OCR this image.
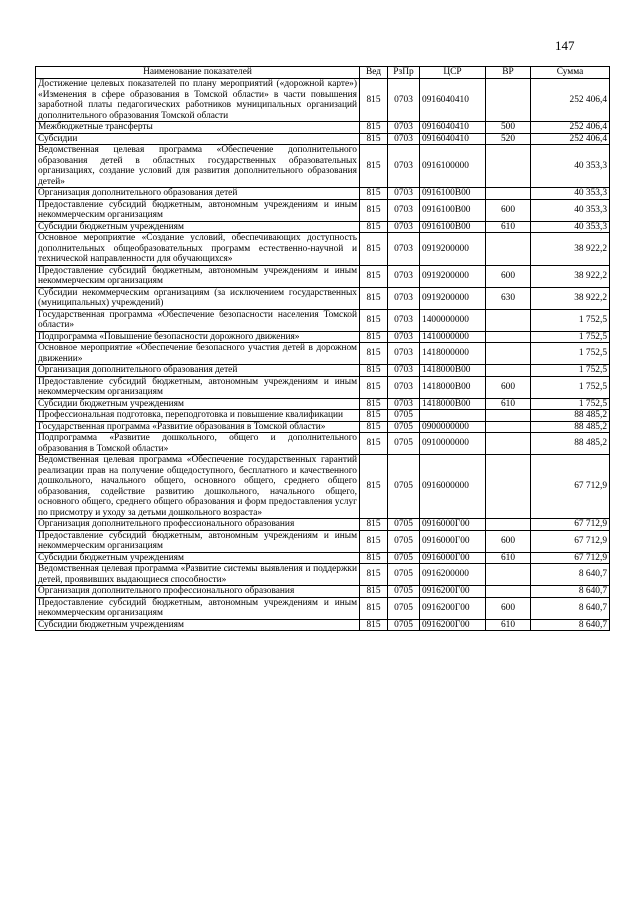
147
Наименование показателей	Вед	РзПр	ЦСР	ВР	Сумма
Достижение целевых показателей по плану мероприятий («дорожной карте») «Изменения в сфере образования в Томской области» в части повышения заработной платы педагогических работников муниципальных организаций дополнительного образования Томской области	815	0703	0916040410		252 406,4
Межбюджетные трансферты	815	0703	0916040410	500	252 406,4
Субсидии	815	0703	0916040410	520	252 406,4
Ведомственная целевая программа «Обеспечение дополнительного образования детей в областных государственных образовательных организациях, создание условий для развития дополнительного образования детей»	815	0703	0916100000		40 353,3
Организация дополнительного образования детей	815	0703	0916100В00		40 353,3
Предоставление субсидий бюджетным, автономным учреждениям и иным некоммерческим организациям	815	0703	0916100В00	600	40 353,3
Субсидии бюджетным учреждениям	815	0703	0916100В00	610	40 353,3
Основное мероприятие «Создание условий, обеспечивающих доступность дополнительных общеобразовательных программ естественно-научной и технической направленности для обучающихся»	815	0703	0919200000		38 922,2
Предоставление субсидий бюджетным, автономным учреждениям и иным некоммерческим организациям	815	0703	0919200000	600	38 922,2
Субсидии некоммерческим организациям (за исключением государственных (муниципальных) учреждений)	815	0703	0919200000	630	38 922,2
Государственная программа «Обеспечение безопасности населения Томской области»	815	0703	1400000000		1 752,5
Подпрограмма «Повышение безопасности дорожного движения»	815	0703	1410000000		1 752,5
Основное мероприятие «Обеспечение безопасного участия детей в дорожном движении»	815	0703	1418000000		1 752,5
Организация дополнительного образования детей	815	0703	1418000В00		1 752,5
Предоставление субсидий бюджетным, автономным учреждениям и иным некоммерческим организациям	815	0703	1418000В00	600	1 752,5
Субсидии бюджетным учреждениям	815	0703	1418000В00	610	1 752,5
Профессиональная подготовка, переподготовка и повышение квалификации	815	0705			88 485,2
Государственная программа «Развитие образования в Томской области»	815	0705	0900000000		88 485,2
Подпрограмма «Развитие дошкольного, общего и дополнительного образования в Томской области»	815	0705	0910000000		88 485,2
Ведомственная целевая программа «Обеспечение государственных гарантий реализации прав на получение общедоступного, бесплатного и качественного дошкольного, начального общего, основного общего, среднего общего образования, содействие развитию дошкольного, начального общего, основного общего, среднего общего образования и форм предоставления услуг по присмотру и уходу за детьми дошкольного возраста»	815	0705	0916000000		67 712,9
Организация дополнительного профессионального образования	815	0705	0916000Г00		67 712,9
Предоставление субсидий бюджетным, автономным учреждениям и иным некоммерческим организациям	815	0705	0916000Г00	600	67 712,9
Субсидии бюджетным учреждениям	815	0705	0916000Г00	610	67 712,9
Ведомственная целевая программа «Развитие системы выявления и поддержки детей, проявивших выдающиеся способности»	815	0705	0916200000		8 640,7
Организация дополнительного профессионального образования	815	0705	0916200Г00		8 640,7
Предоставление субсидий бюджетным, автономным учреждениям и иным некоммерческим организациям	815	0705	0916200Г00	600	8 640,7
Субсидии бюджетным учреждениям	815	0705	0916200Г00	610	8 640,7
